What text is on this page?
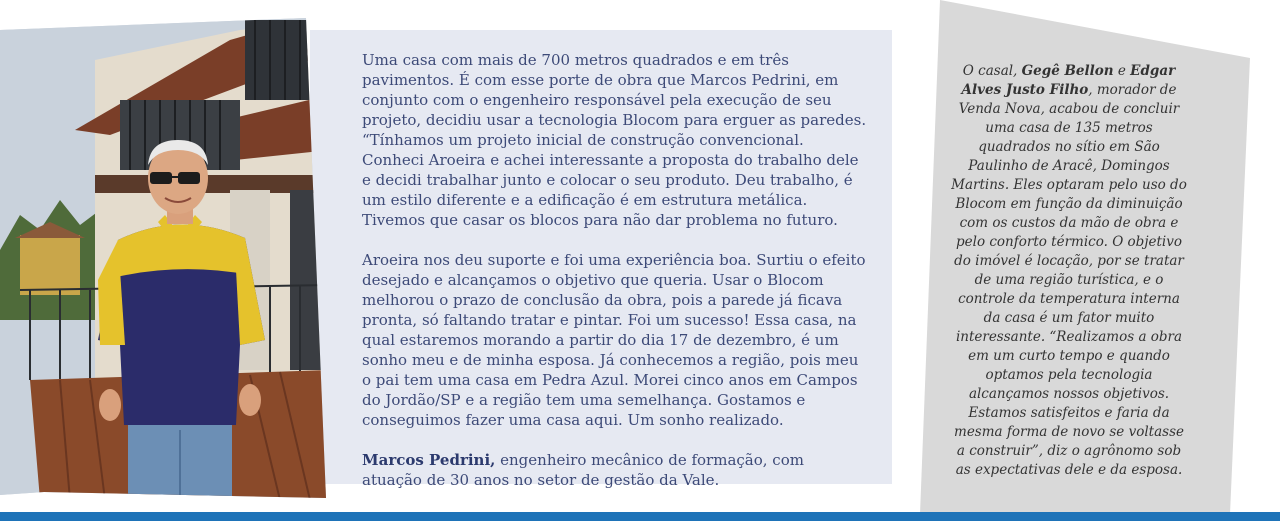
Uma casa com mais de 700 metros quadrados e em três pavimentos. É com esse porte de obra que Marcos Pedrini, em conjunto com o engenheiro responsável pela execução de seu projeto, decidiu usar a tecnologia Blocom para erguer as paredes. “Tínhamos um projeto inicial de construção convencional. Conheci Aroeira e achei interessante a proposta do trabalho dele e decidi trabalhar junto e colocar o seu produto. Deu trabalho, é um estilo diferente e a edificação é em estrutura metálica. Tivemos que casar os blocos para não dar problema no futuro.

Aroeira nos deu suporte e foi uma experiência boa. Surtiu o efeito desejado e alcançamos o objetivo que queria. Usar o Blocom melhorou o prazo de conclusão da obra, pois a parede já ficava pronta, só faltando tratar e pintar. Foi um sucesso! Essa casa, na qual estaremos morando a partir do dia 17 de dezembro, é um sonho meu e de minha esposa. Já conhecemos a região, pois meu o pai tem uma casa em Pedra Azul. Morei cinco anos em Campos do Jordão/SP e a região tem uma semelhança. Gostamos e conseguimos fazer uma casa aqui. Um sonho realizado.

Marcos Pedrini, engenheiro mecânico de formação, com atuação de 30 anos no setor de gestão da Vale.

O casal, Gegê Bellon e Edgar Alves Justo Filho, morador de Venda Nova, acabou de concluir uma casa de 135 metros quadrados no sítio em São Paulinho de Aracê, Domingos Martins. Eles optaram pelo uso do Blocom em função da diminuição com os custos da mão de obra e pelo conforto térmico. O objetivo do imóvel é locação, por se tratar de uma região turística, e o controle da temperatura interna da casa é um fator muito interessante. “Realizamos a obra em um curto tempo e quando optamos pela tecnologia alcançamos nossos objetivos. Estamos satisfeitos e faria da mesma forma de novo se voltasse a construir”, diz o agrônomo sob as expectativas dele e da esposa.
